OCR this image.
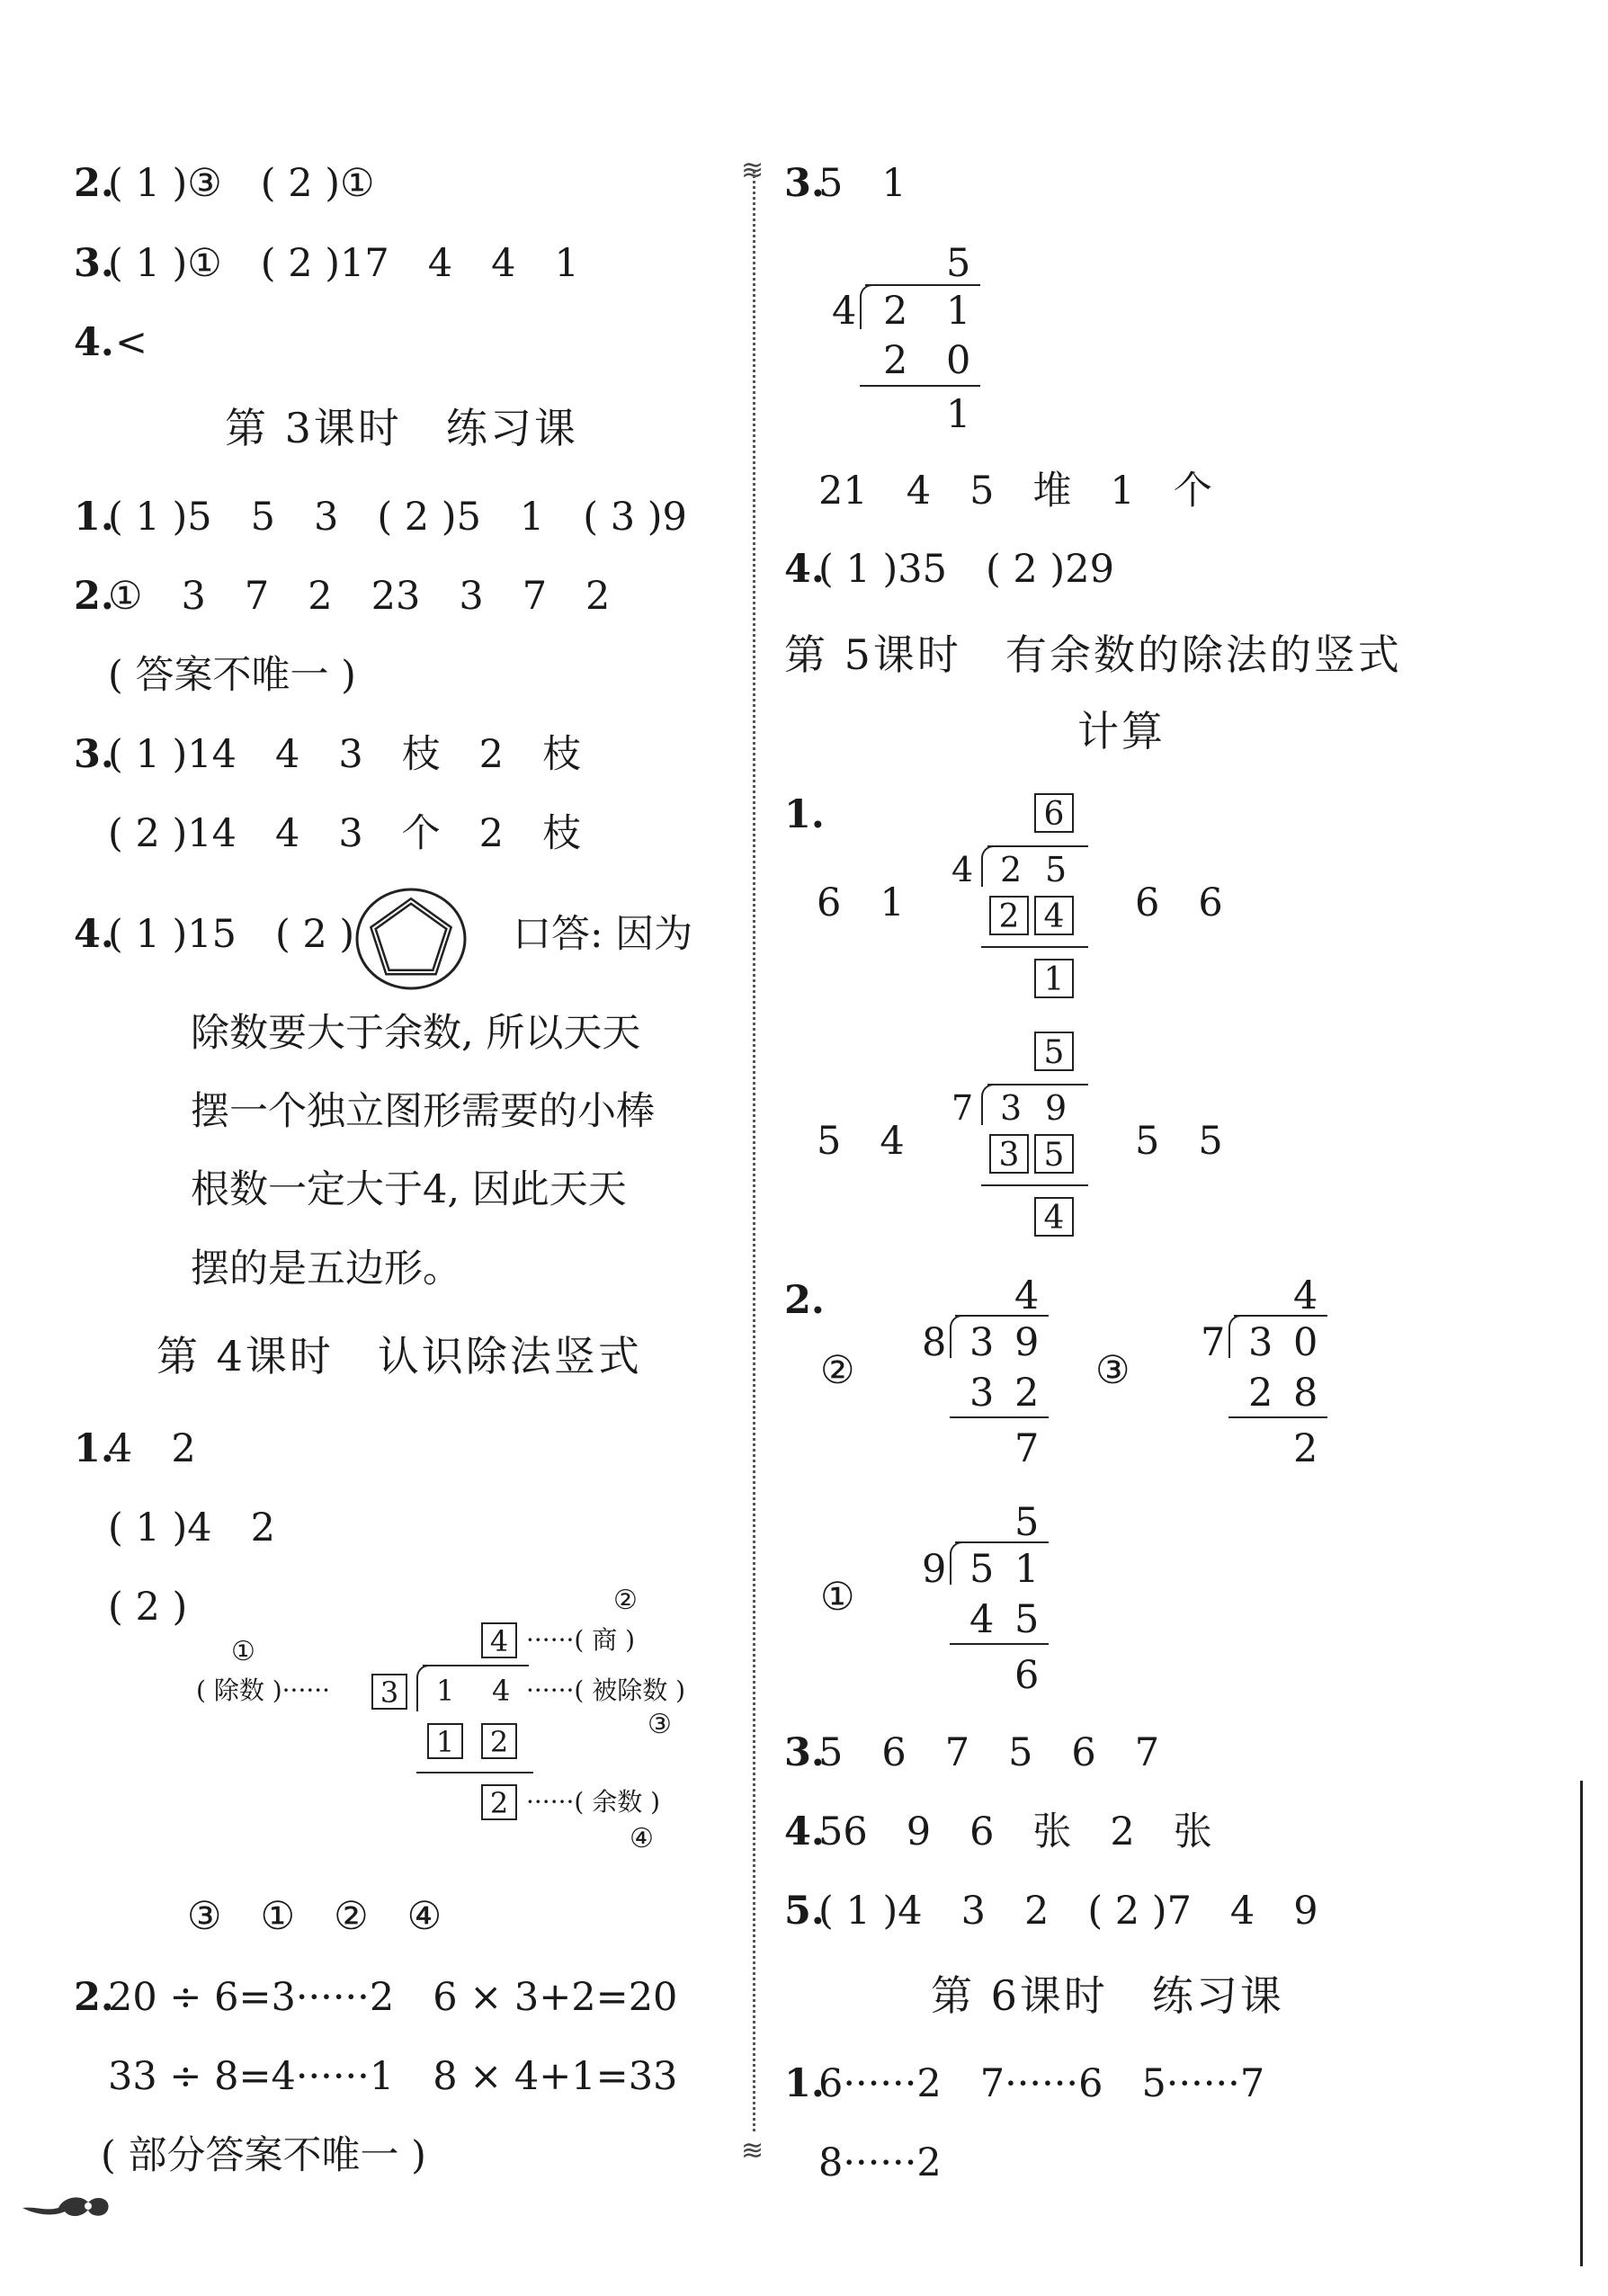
2.
( 1 )③　( 2 )①
3.
( 1 )①　( 2 )17　4　4　1
4. <
第 3课时　练习课
1.
( 1 )5　5　3　( 2 )5　1　( 3 )9
2.
①　3　7　2　23　3　7　2
( 答案不唯一 )
3.
( 1 )14　4　3　枝　2　枝
( 2 )14　4　3　个　2　枝
4.
( 1 )15　( 2 )	口答: 因为
除数要大于余数, 所以天天
摆一个独立图形需要的小棒
根数一定大于4, 因此天天
摆的是五边形。
第 4课时　认识除法竖式
1.
4　2
( 1 )4　2
( 2 )
①
( 除数 )······
②
4 ······( 商 )
3	1 4 ······( 被除数 )
③
1	2
2 ······( 余数 )
④
③　①　②　④
2.
20 ÷ 6=3······2　6 × 3+2=20
33 ÷ 8=4······1　8 × 4+1=33
( 部分答案不唯一 )
≋
≋
3.
5　1
5
4 2 1
2 0
1
21　4　5　堆　1　个
4.
( 1 )35　( 2 )29
第 5课时　有余数的除法的竖式
计算
1.
6　1	6　6
6
4 2 5
2 4
1
5　4	5　5
5
7 3 9
3 5
4
2.
②
4
8 3 9
3 2
7
③
4
7 3 0
2 8
2
①
5
9 5 1
4 5
6
3.
5　6　7　5　6　7
4.
56　9　6　张　2　张
5.
( 1 )4　3　2　( 2 )7　4　9
第 6课时　练习课
1.
6······2　7······6　5······7
8······2
